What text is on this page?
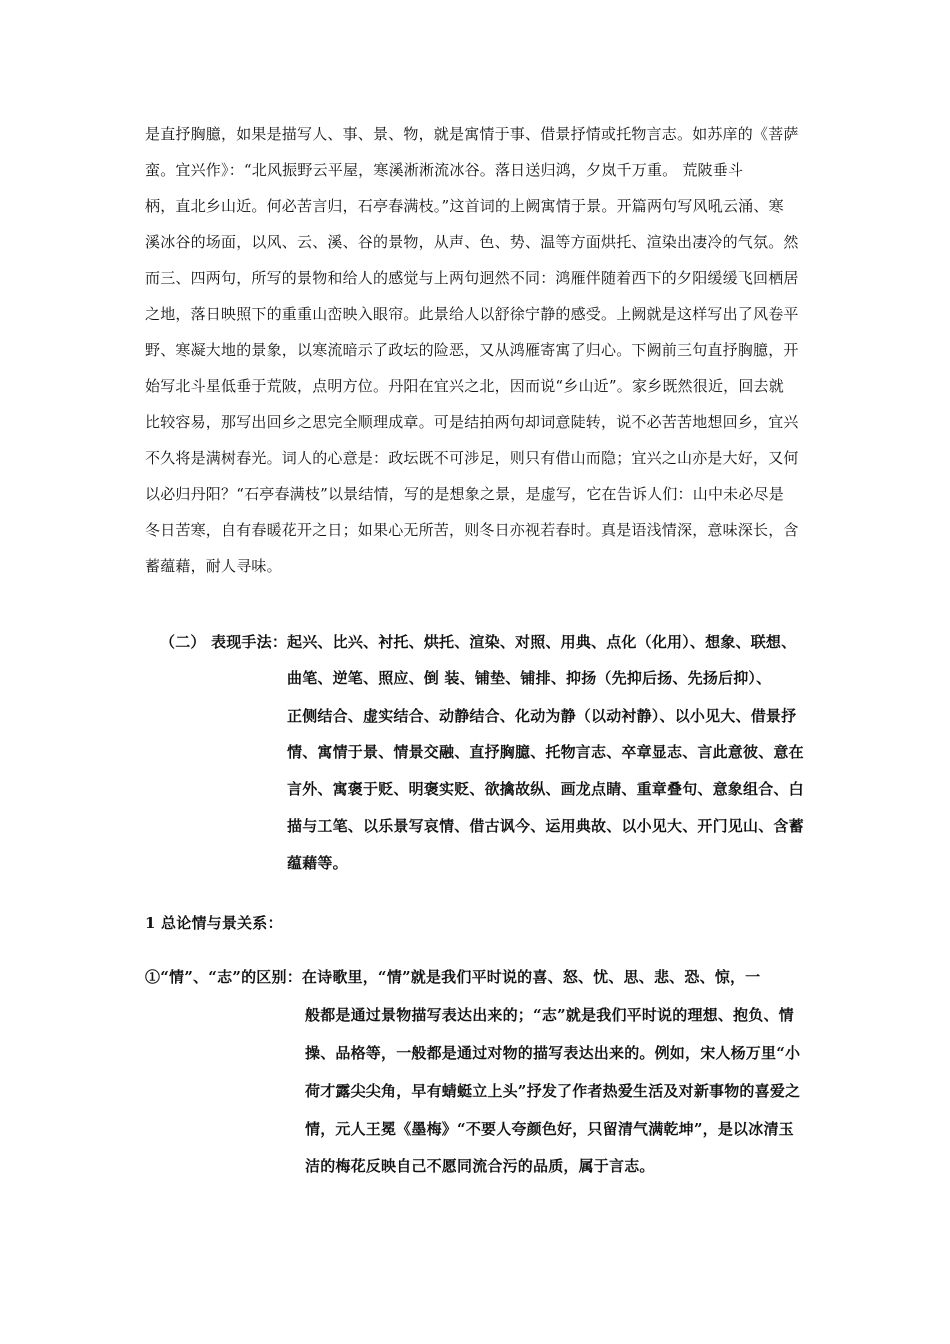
是直抒胸臆，如果是描写人、事、景、物，就是寓情于事、借景抒情或托物言志。如苏庠的《菩萨
蛮。宜兴作》：“北风振野云平屋，寒溪淅淅流冰谷。落日送归鸿，夕岚千万重。 荒陂垂斗
柄，直北乡山近。何必苦言归，石亭春满枝。”这首词的上阙寓情于景。开篇两句写风吼云涌、寒
溪冰谷的场面，以风、云、溪、谷的景物，从声、色、势、温等方面烘托、渲染出凄冷的气氛。然
而三、四两句，所写的景物和给人的感觉与上两句迥然不同：鸿雁伴随着西下的夕阳缓缓飞回栖居
之地，落日映照下的重重山峦映入眼帘。此景给人以舒徐宁静的感受。上阙就是这样写出了风卷平
野、寒凝大地的景象，以寒流暗示了政坛的险恶，又从鸿雁寄寓了归心。下阙前三句直抒胸臆，开
始写北斗星低垂于荒陂，点明方位。丹阳在宜兴之北，因而说“乡山近”。家乡既然很近，回去就
比较容易，那写出回乡之思完全顺理成章。可是结拍两句却词意陡转，说不必苦苦地想回乡，宜兴
不久将是满树春光。词人的心意是：政坛既不可涉足，则只有借山而隐；宜兴之山亦是大好，又何
以必归丹阳？“石亭春满枝”以景结情，写的是想象之景，是虚写，它在告诉人们：山中未必尽是
冬日苦寒，自有春暖花开之日；如果心无所苦，则冬日亦视若春时。真是语浅情深，意味深长，含
蓄蕴藉，耐人寻味。
（二） 表现手法：起兴、比兴、衬托、烘托、渲染、对照、用典、点化（化用）、想象、联想、
曲笔、逆笔、照应、倒 装、铺垫、铺排、抑扬（先抑后扬、先扬后抑）、
正侧结合、虚实结合、动静结合、化动为静（以动衬静）、以小见大、借景抒
情、寓情于景、情景交融、直抒胸臆、托物言志、卒章显志、言此意彼、意在
言外、寓褒于贬、明褒实贬、欲擒故纵、画龙点睛、重章叠句、意象组合、白
描与工笔、以乐景写哀情、借古讽今、运用典故、以小见大、开门见山、含蓄
蕴藉等。
1 总论情与景关系：
①“情”、“志”的区别：在诗歌里，“情”就是我们平时说的喜、怒、忧、思、悲、恐、惊，一
般都是通过景物描写表达出来的；“志”就是我们平时说的理想、抱负、情
操、品格等，一般都是通过对物的描写表达出来的。例如，宋人杨万里“小
荷才露尖尖角，早有蜻蜓立上头”抒发了作者热爱生活及对新事物的喜爱之
情，元人王冕《墨梅》“不要人夸颜色好，只留清气满乾坤”，是以冰清玉
洁的梅花反映自己不愿同流合污的品质，属于言志。
